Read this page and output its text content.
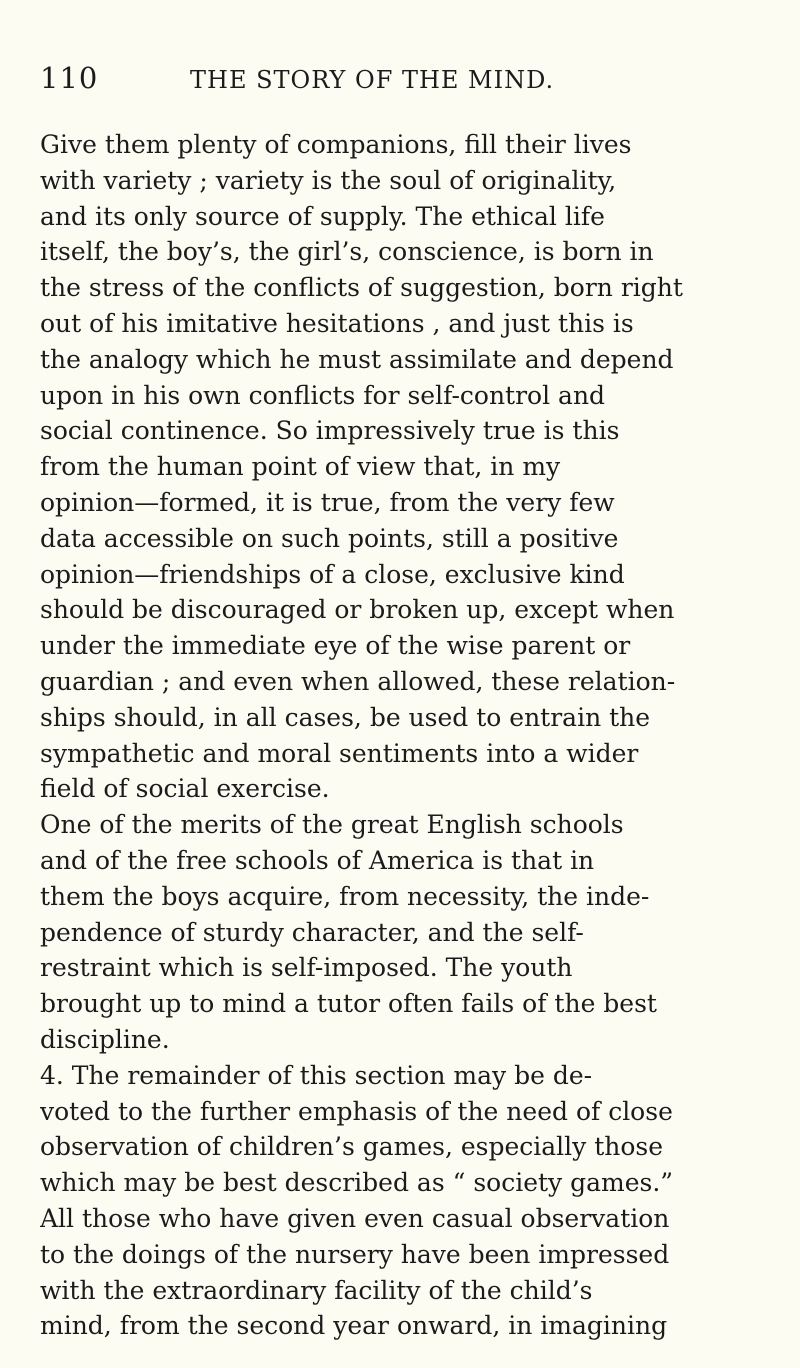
110	THE STORY OF THE MIND.
Give them plenty of companions, fill their lives
with variety ; variety is the soul of originality,
and its only source of supply. The ethical life
itself, the boy’s, the girl’s, conscience, is born in
the stress of the conflicts of suggestion, born right
out of his imitative hesitations , and just this is
the analogy which he must assimilate and depend
upon in his own conflicts for self-control and
social continence. So impressively true is this
from the human point of view that, in my
opinion—formed, it is true, from the very few
data accessible on such points, still a positive
opinion—friendships of a close, exclusive kind
should be discouraged or broken up, except when
under the immediate eye of the wise parent or
guardian ; and even when allowed, these relation-
ships should, in all cases, be used to entrain the
sympathetic and moral sentiments into a wider
field of social exercise.
One of the merits of the great English schools
and of the free schools of America is that in
them the boys acquire, from necessity, the inde-
pendence of sturdy character, and the self-
restraint which is self-imposed. The youth
brought up to mind a tutor often fails of the best
discipline.
4. The remainder of this section may be de-
voted to the further emphasis of the need of close
observation of children’s games, especially those
which may be best described as “ society games.”
All those who have given even casual observation
to the doings of the nursery have been impressed
with the extraordinary facility of the child’s
mind, from the second year onward, in imagining
